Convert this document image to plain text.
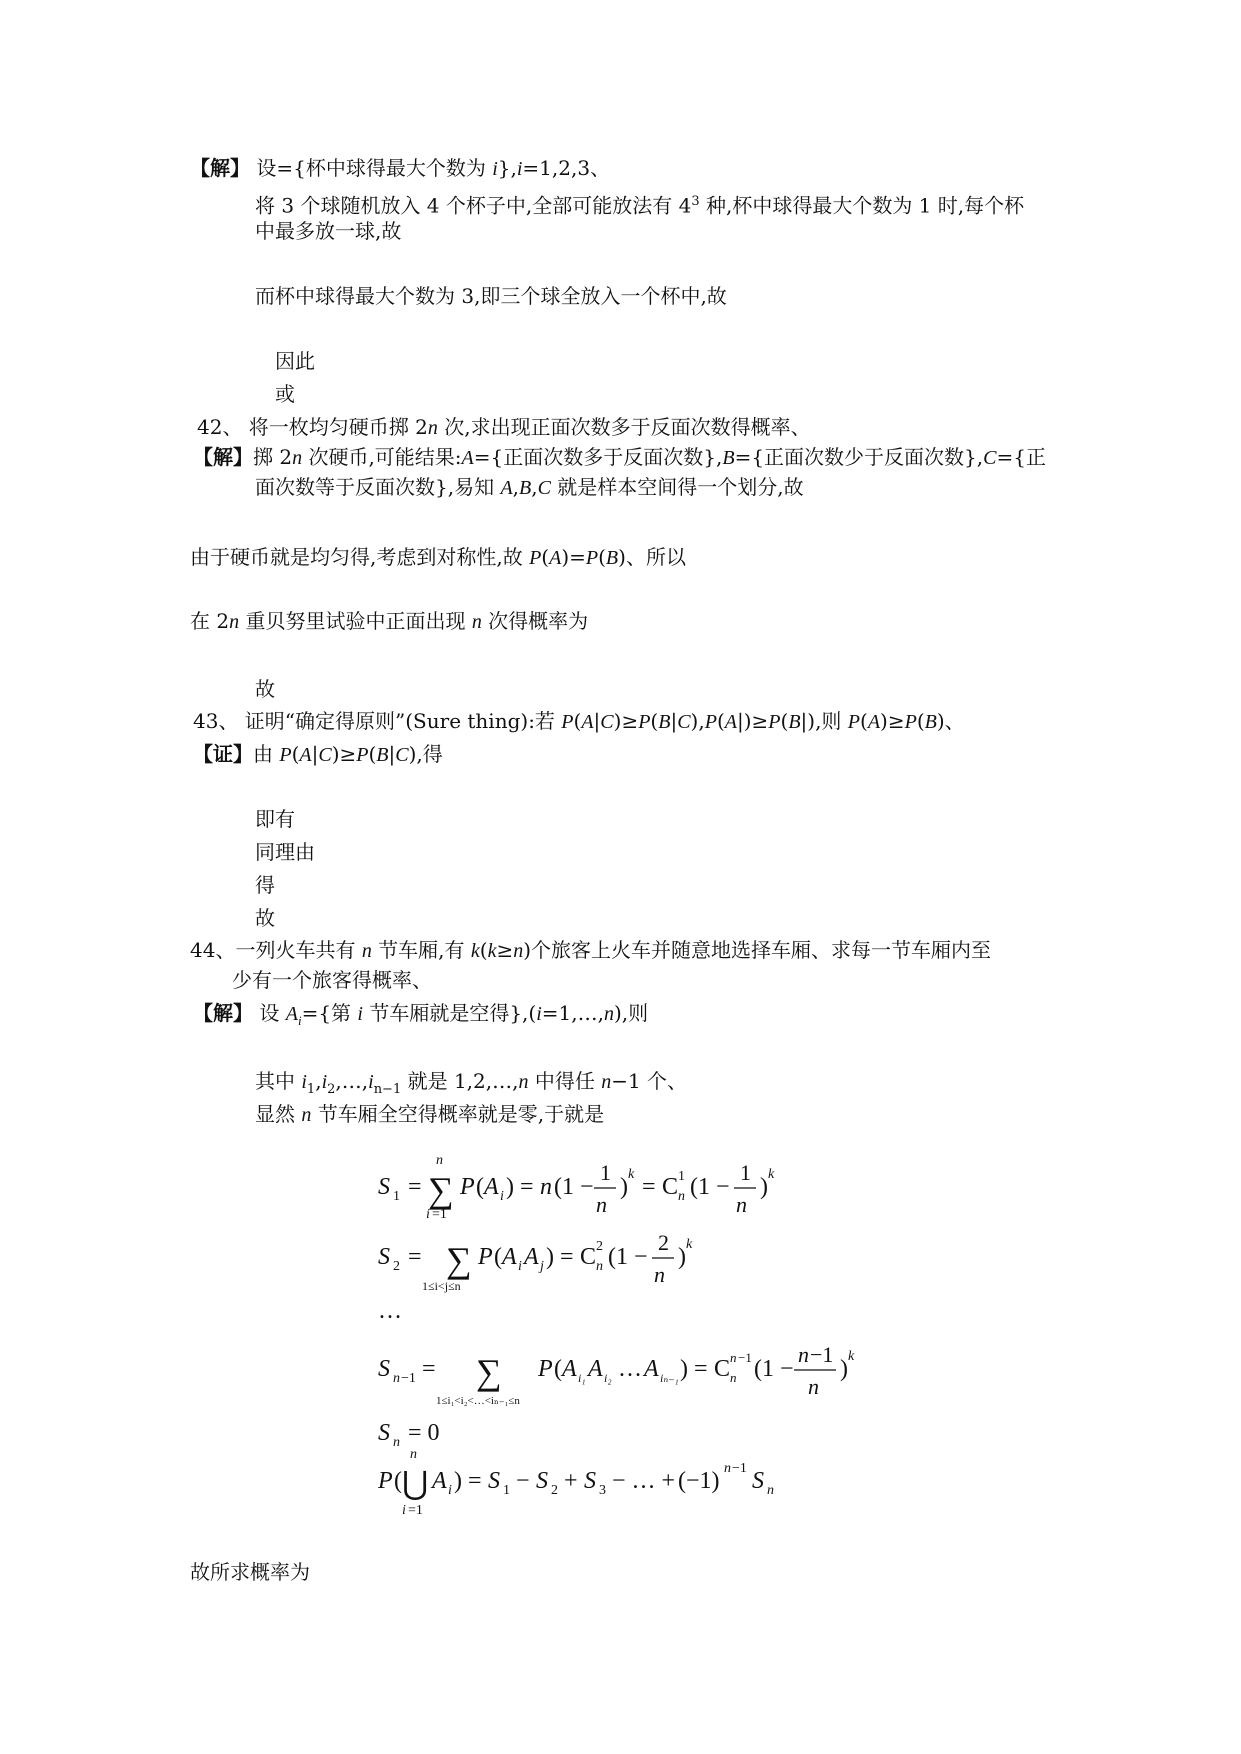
【解】 设={杯中球得最大个数为 i},i=1,2,3、
将 3 个球随机放入 4 个杯子中,全部可能放法有 $4^3$ 种,杯中球得最大个数为 1 时,每个杯
中最多放一球,故
而杯中球得最大个数为 3,即三个球全放入一个杯中,故
因此
或
42、 将一枚均匀硬币掷 2n 次,求出现正面次数多于反面次数得概率、
【解】掷 2n 次硬币,可能结果:A={正面次数多于反面次数},B={正面次数少于反面次数},C={正
面次数等于反面次数},易知 A,B,C 就是样本空间得一个划分,故
由于硬币就是均匀得,考虑到对称性,故 P(A)=P(B)、所以
在 2n 重贝努里试验中正面出现 n 次得概率为
故
43、 证明“确定得原则”(Sure thing):若 P(A|C)≥P(B|C),P(A|)≥P(B|),则 P(A)≥P(B)、
【证】由 P(A|C)≥P(B|C),得
即有
同理由
得
故
44、一列火车共有 n 节车厢,有 k(k≥n)个旅客上火车并随意地选择车厢、求每一节车厢内至
少有一个旅客得概率、
【解】 设 $A_i=${第 i 节车厢就是空得},(i=1,…,n),则
其中 $i_1,i_2,\dots,i_{n-1}$ 就是 1,2,…,n 中得任 n−1 个、
显然 n 节车厢全空得概率就是零,于就是
故所求概率为
S 1 = ∑
n
i =1
P ( A i ) = n (1 −
1
n
) k = C 1
n (1 −
1
n
) k
S 2 = ∑
1≤i<j≤n
P ( A i A j ) = C 2
n (1 −
2
n
) k
…
S n −1 = ∑
1≤i₁<i₂<…<iₙ₋₁≤n
P ( A i₁ A i₂ … A iₙ₋₁ ) = C n −1
n (1 −
n −1
n
) k
S n = 0
P ( ⋃
n
i =1
A i ) = S 1 − S 2 + S 3 − … + (−1) n −1 S n
